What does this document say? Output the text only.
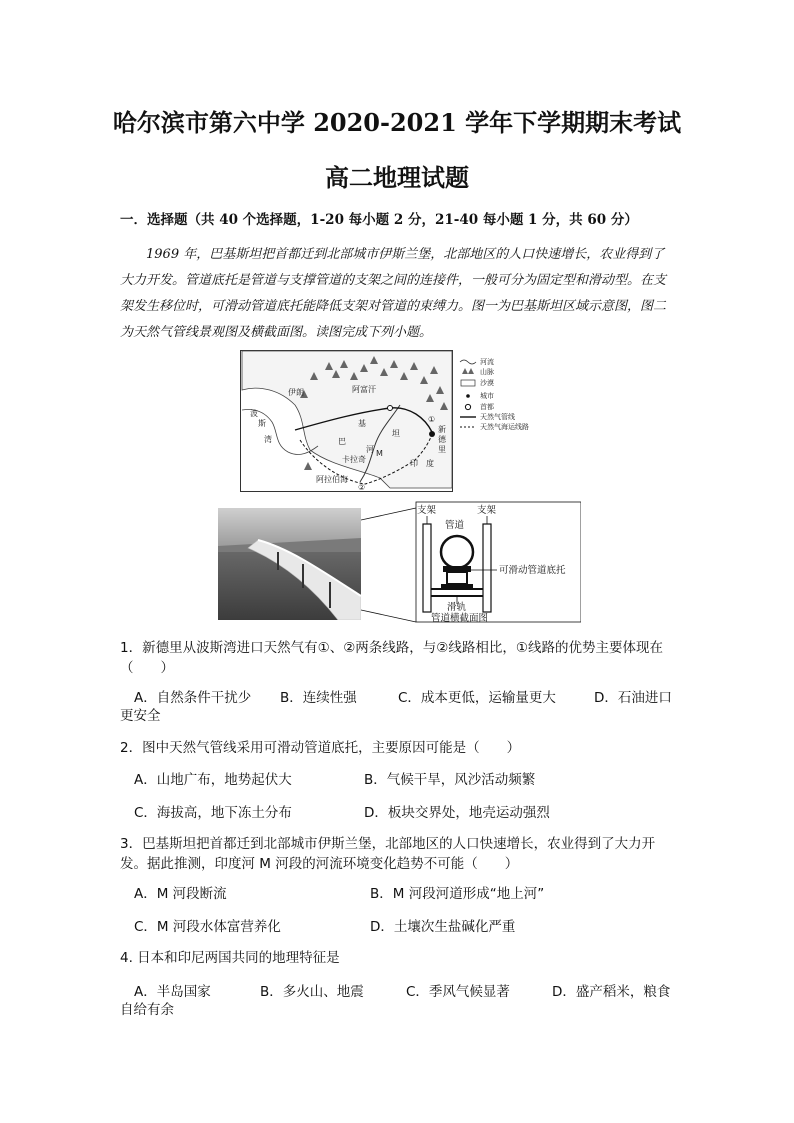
哈尔滨市第六中学 2020-2021 学年下学期期末考试
高二地理试题
一．选择题（共 40 个选择题，1-20 每小题 2 分，21-40 每小题 1 分，共 60 分）
1969 年，巴基斯坦把首都迁到北部城市伊斯兰堡，北部地区的人口快速增长，农业得到了大力开发。管道底托是管道与支撑管道的支架之间的连接件，一般可分为固定型和滑动型。在支架发生移位时，可滑动管道底托能降低支架对管道的束缚力。图一为巴基斯坦区域示意图，图二为天然气管线景观图及横截面图。读图完成下列小题。
伊朗	阿富汗
波
斯
湾	巴
基
坦
河 M
卡拉奇
阿拉伯海
新
德
里
印　度
①
②
河流
山脉
沙漠
城市
首都
天然气管线
天然气海运线路
支架	支架
管道
可滑动管道底托
滑轨
管道横截面图
1．新德里从波斯湾进口天然气有①、②两条线路，与②线路相比，①线路的优势主要体现在（　　）
A．自然条件干扰少 B．连续性强	C．成本更低，运输量更大	D．石油进口
更安全
2．图中天然气管线采用可滑动管道底托，主要原因可能是（　　）
A．山地广布，地势起伏大	B．气候干旱，风沙活动频繁
C．海拔高，地下冻土分布	D．板块交界处，地壳运动强烈
3．巴基斯坦把首都迁到北部城市伊斯兰堡，北部地区的人口快速增长，农业得到了大力开发。据此推测，印度河 M 河段的河流环境变化趋势不可能（　　）
A．M 河段断流	B．M 河段河道形成“地上河”
C．M 河段水体富营养化	D．土壤次生盐碱化严重
4. 日本和印尼两国共同的地理特征是
A．半岛国家	B．多火山、地震	C．季风气候显著	D．盛产稻米，粮食
自给有余
